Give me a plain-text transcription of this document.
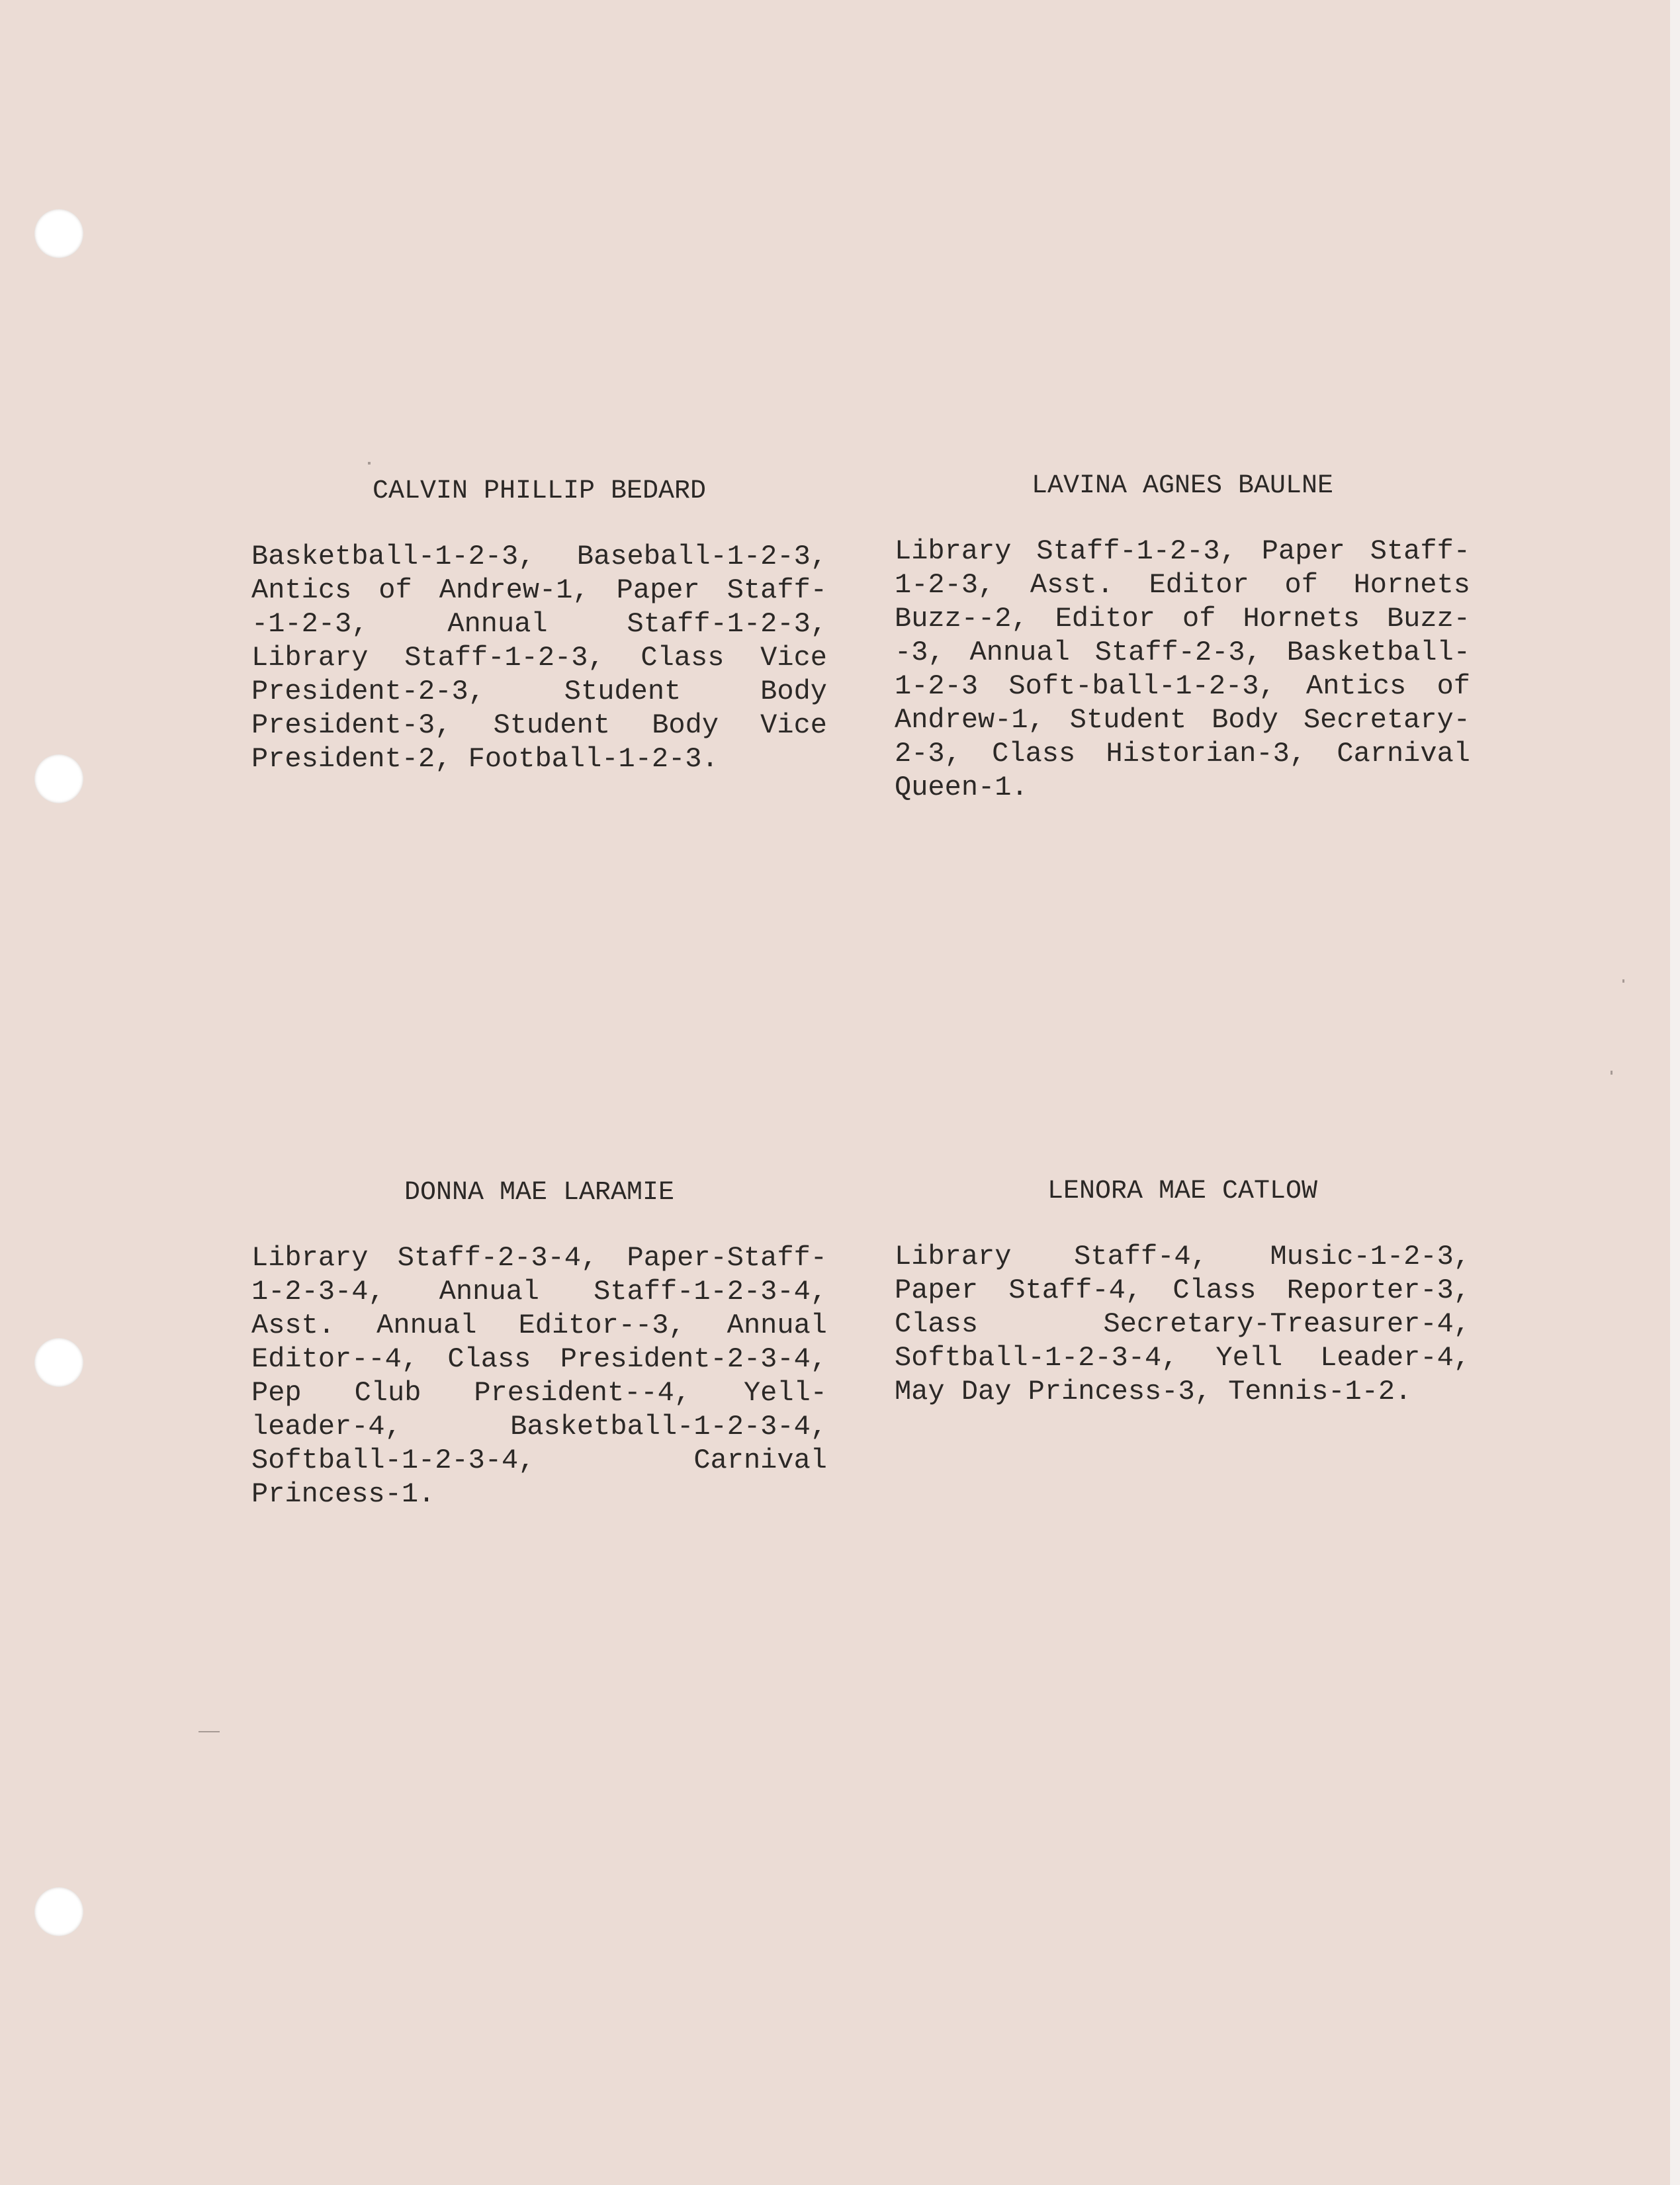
CALVIN PHILLIP BEDARD

Basketball-1-2-3, Baseball-1-2-3, Antics of Andrew-1, Paper Staff--1-2-3, Annual Staff-1-2-3, Library Staff-1-2-3, Class Vice President-2-3, Student Body President-3, Student Body Vice President-2, Football-1-2-3.

LAVINA AGNES BAULNE

Library Staff-1-2-3, Paper Staff-1-2-3, Asst. Editor of Hornets Buzz--2, Editor of Hornets Buzz--3, Annual Staff-2-3, Basketball-1-2-3 Soft-ball-1-2-3, Antics of Andrew-1, Student Body Secretary-2-3, Class Historian-3, Carnival Queen-1.

DONNA MAE LARAMIE

Library Staff-2-3-4, Paper-Staff-1-2-3-4, Annual Staff-1-2-3-4, Asst. Annual Editor--3, Annual Editor--4, Class President-2-3-4, Pep Club President--4, Yell-leader-4, Basketball-1-2-3-4, Softball-1-2-3-4, Carnival Princess-1.

LENORA MAE CATLOW

Library Staff-4, Music-1-2-3, Paper Staff-4, Class Reporter-3, Class Secretary-Treasurer-4, Softball-1-2-3-4, Yell Leader-4, May Day Princess-3, Tennis-1-2.
